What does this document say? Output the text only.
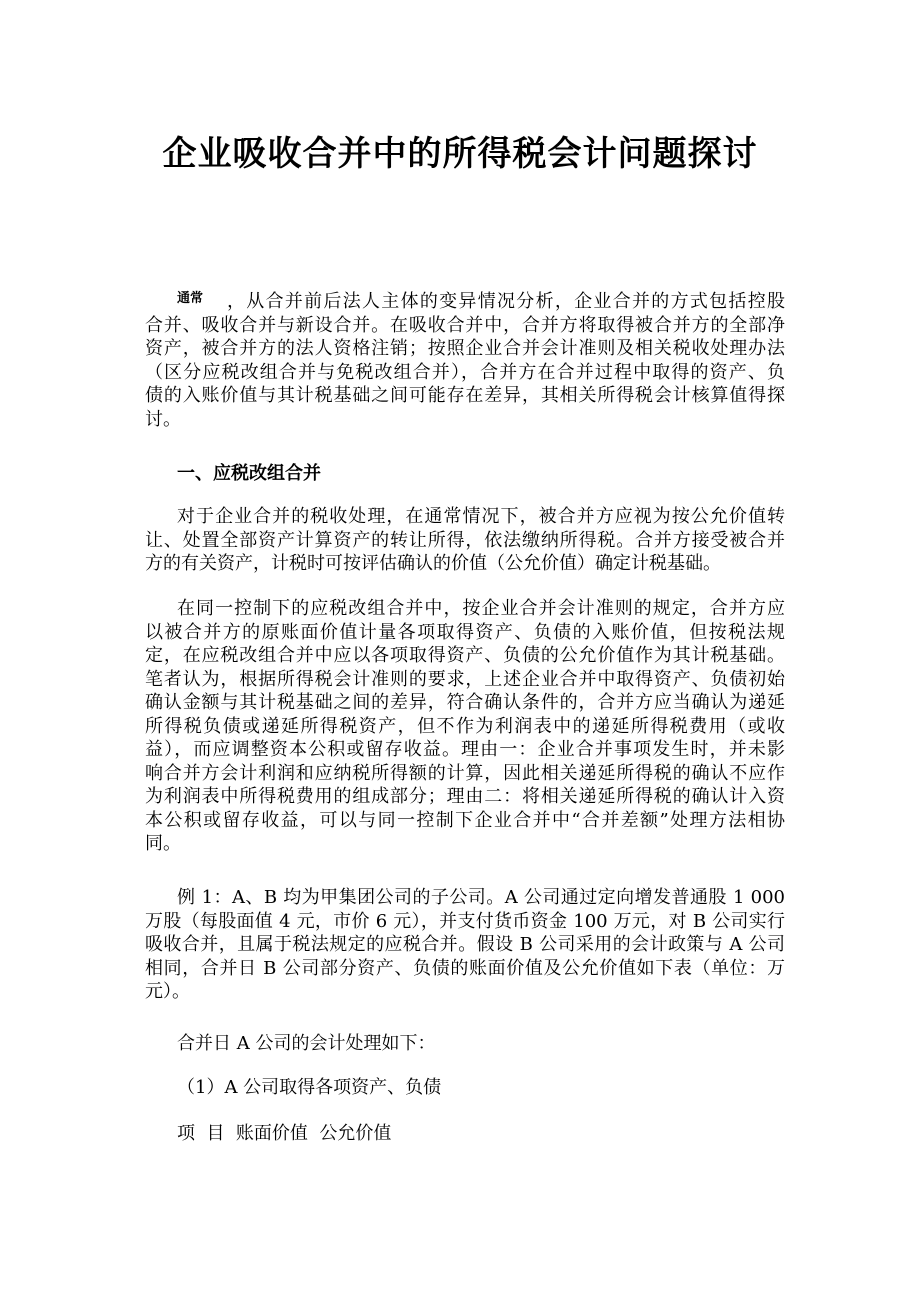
企业吸收合并中的所得税会计问题探讨
通常	，从合并前后法人主体的变异情况分析，企业合并的方式包括控股
合并、吸收合并与新设合并。在吸收合并中，合并方将取得被合并方的全部净
资产，被合并方的法人资格注销；按照企业合并会计准则及相关税收处理办法
（区分应税改组合并与免税改组合并），合并方在合并过程中取得的资产、负
债的入账价值与其计税基础之间可能存在差异，其相关所得税会计核算值得探
讨。
一、应税改组合并
对于企业合并的税收处理，在通常情况下，被合并方应视为按公允价值转
让、处置全部资产计算资产的转让所得，依法缴纳所得税。合并方接受被合并
方的有关资产，计税时可按评估确认的价值（公允价值）确定计税基础。
在同一控制下的应税改组合并中，按企业合并会计准则的规定，合并方应
以被合并方的原账面价值计量各项取得资产、负债的入账价值，但按税法规
定，在应税改组合并中应以各项取得资产、负债的公允价值作为其计税基础。
笔者认为，根据所得税会计准则的要求，上述企业合并中取得资产、负债初始
确认金额与其计税基础之间的差异，符合确认条件的，合并方应当确认为递延
所得税负债或递延所得税资产，但不作为利润表中的递延所得税费用（或收
益），而应调整资本公积或留存收益。理由一：企业合并事项发生时，并未影
响合并方会计利润和应纳税所得额的计算，因此相关递延所得税的确认不应作
为利润表中所得税费用的组成部分；理由二：将相关递延所得税的确认计入资
本公积或留存收益，可以与同一控制下企业合并中“合并差额”处理方法相协
同。
例 1：A、B 均为甲集团公司的子公司。A 公司通过定向增发普通股 1 000
万股（每股面值 4 元，市价 6 元），并支付货币资金 100 万元，对 B 公司实行
吸收合并，且属于税法规定的应税合并。假设 B 公司采用的会计政策与 A 公司
相同，合并日 B 公司部分资产、负债的账面价值及公允价值如下表（单位：万
元）。
合并日 A 公司的会计处理如下：
（1）A 公司取得各项资产、负债
项  目  账面价值  公允价值
